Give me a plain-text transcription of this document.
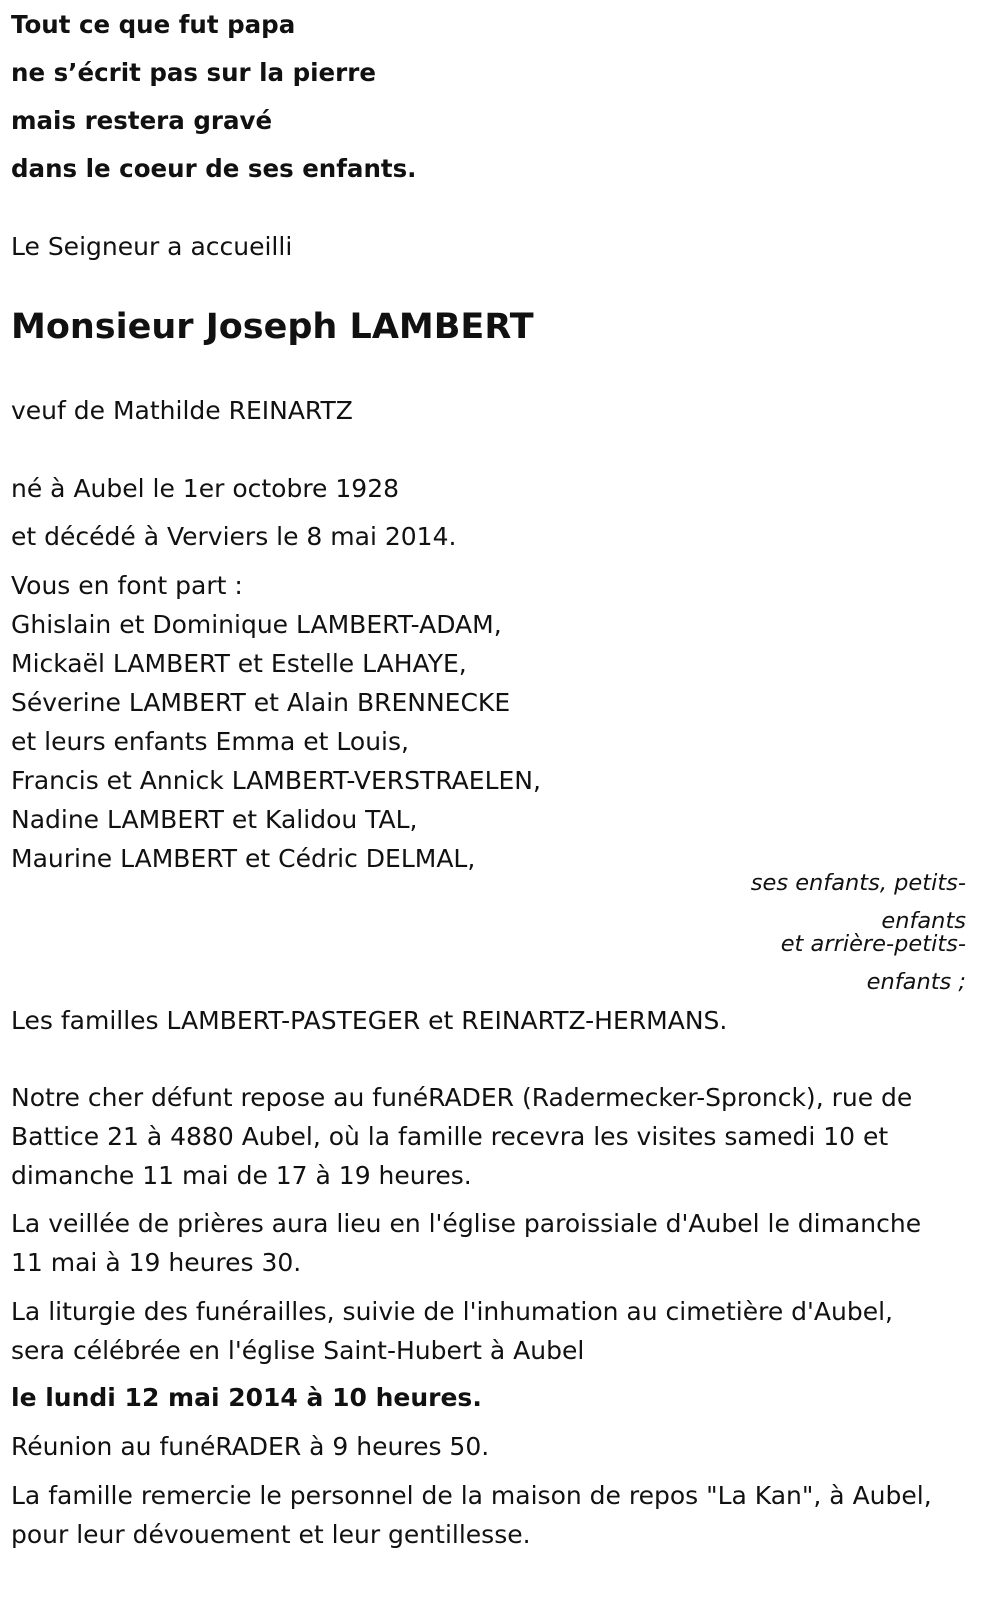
Tout ce que fut papa

ne s’écrit pas sur la pierre

mais restera gravé

dans le coeur de ses enfants.

Le Seigneur a accueilli

Monsieur Joseph LAMBERT

veuf de Mathilde REINARTZ

né à Aubel le 1er octobre 1928

et décédé à Verviers le 8 mai 2014.

Vous en font part :

Ghislain et Dominique LAMBERT-ADAM,

Mickaël LAMBERT et Estelle LAHAYE,

Séverine LAMBERT et Alain BRENNECKE

et leurs enfants Emma et Louis,

Francis et Annick LAMBERT-VERSTRAELEN,

Nadine LAMBERT et Kalidou TAL,

Maurine LAMBERT et Cédric DELMAL,

ses enfants, petits-
enfants
et arrière-petits-
enfants ;

Les familles LAMBERT-PASTEGER et REINARTZ-HERMANS.

Notre cher défunt repose au funéRADER (Radermecker-Spronck), rue de

Battice 21 à 4880 Aubel, où la famille recevra les visites samedi 10 et

dimanche 11 mai de 17 à 19 heures.

La veillée de prières aura lieu en l'église paroissiale d'Aubel le dimanche

11 mai à 19 heures 30.

La liturgie des funérailles, suivie de l'inhumation au cimetière d'Aubel,

sera célébrée en l'église Saint-Hubert à Aubel

le lundi 12 mai 2014 à 10 heures.

Réunion au funéRADER à 9 heures 50.

La famille remercie le personnel de la maison de repos "La Kan", à Aubel,

pour leur dévouement et leur gentillesse.
